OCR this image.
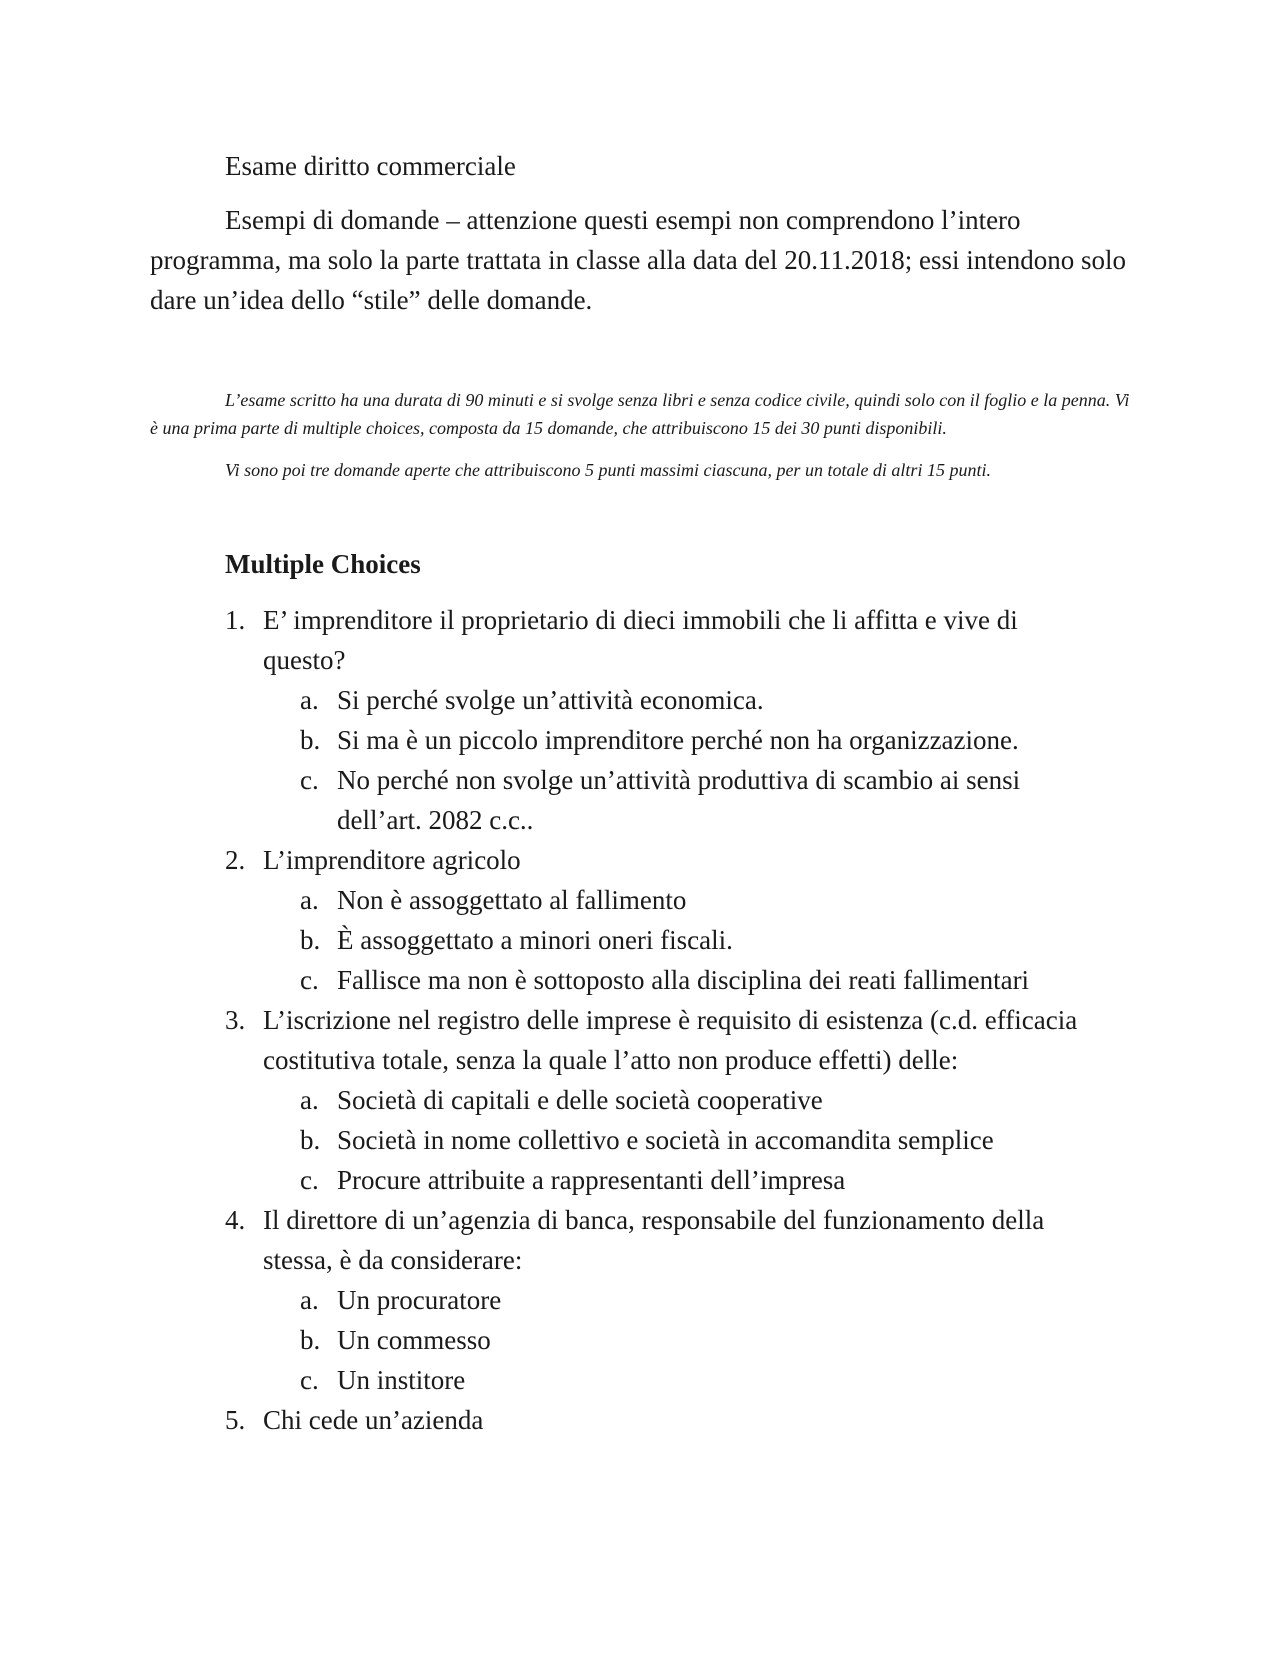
Esame diritto commerciale

Esempi di domande – attenzione questi esempi non comprendono l’intero programma, ma solo la parte trattata in classe alla data del 20.11.2018; essi intendono solo dare un’idea dello “stile” delle domande.

L’esame scritto ha una durata di 90 minuti e si svolge senza libri e senza codice civile, quindi solo con il foglio e la penna. Vi è una prima parte di multiple choices, composta da 15 domande, che attribuiscono 15 dei 30 punti disponibili.

Vi sono poi tre domande aperte che attribuiscono 5 punti massimi ciascuna, per un totale di altri 15 punti.

Multiple Choices
1. E’ imprenditore il proprietario di dieci immobili che li affitta e vive di questo?
a. Si perché svolge un’attività economica.
b. Si ma è un piccolo imprenditore perché non ha organizzazione.
c. No perché non svolge un’attività produttiva di scambio ai sensi dell’art. 2082 c.c..
2. L’imprenditore agricolo
a. Non è assoggettato al fallimento
b. È assoggettato a minori oneri fiscali.
c. Fallisce ma non è sottoposto alla disciplina dei reati fallimentari
3. L’iscrizione nel registro delle imprese è requisito di esistenza (c.d. efficacia costitutiva totale, senza la quale l’atto non produce effetti) delle:
a. Società di capitali e delle società cooperative
b. Società in nome collettivo e società in accomandita semplice
c. Procure attribuite a rappresentanti dell’impresa
4. Il direttore di un’agenzia di banca, responsabile del funzionamento della stessa, è da considerare:
a. Un procuratore
b. Un commesso
c. Un institore
5. Chi cede un’azienda
